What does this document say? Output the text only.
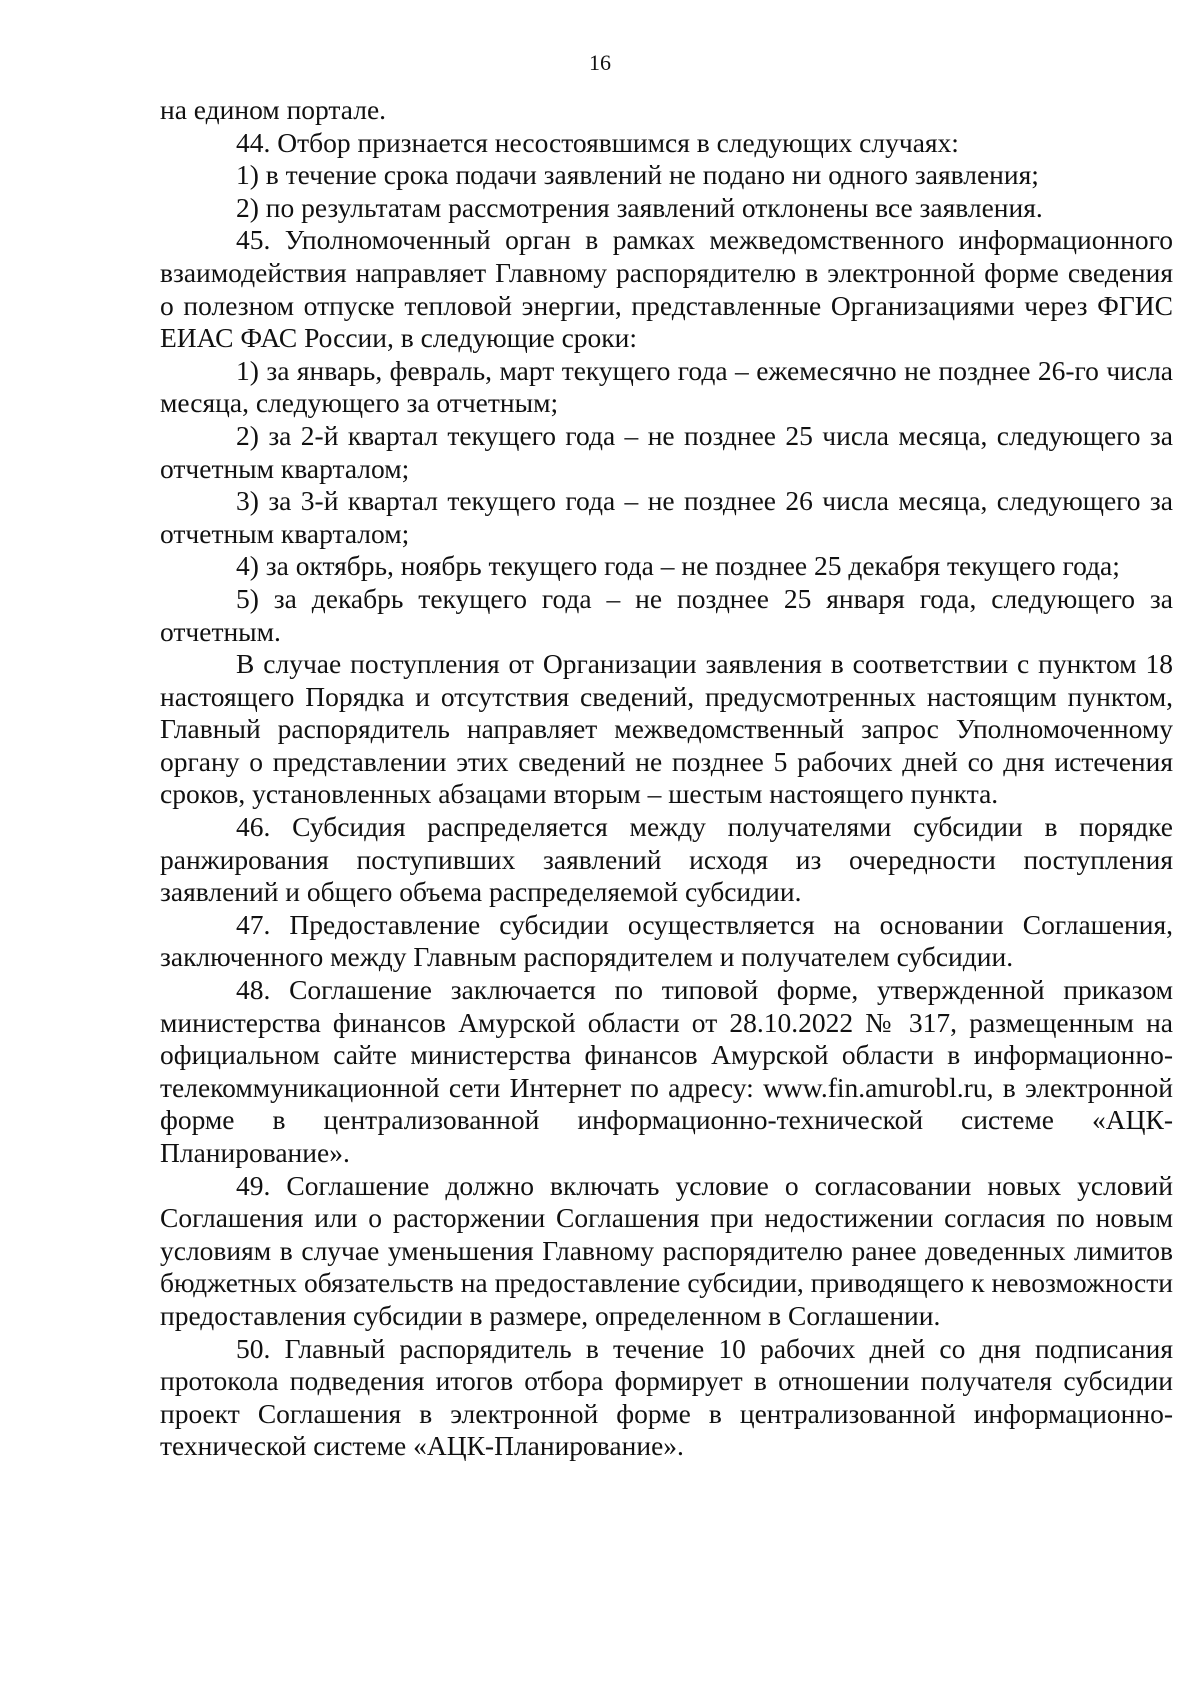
16

на едином портале.

44. Отбор признается несостоявшимся в следующих случаях:

1) в течение срока подачи заявлений не подано ни одного заявления;

2) по результатам рассмотрения заявлений отклонены все заявления.

45. Уполномоченный орган в рамках межведомственного информационного взаимодействия направляет Главному распорядителю в электронной форме сведения о полезном отпуске тепловой энергии, представленные Организациями через ФГИС ЕИАС ФАС России, в следующие сроки:

1) за январь, февраль, март текущего года – ежемесячно не позднее 26-го числа месяца, следующего за отчетным;

2) за 2-й квартал текущего года – не позднее 25 числа месяца, следующего за отчетным кварталом;

3) за 3-й квартал текущего года – не позднее 26 числа месяца, следующего за отчетным кварталом;

4) за октябрь, ноябрь текущего года – не позднее 25 декабря текущего года;

5) за декабрь текущего года – не позднее 25 января года, следующего за отчетным.

В случае поступления от Организации заявления в соответствии с пунктом 18 настоящего Порядка и отсутствия сведений, предусмотренных настоящим пунктом, Главный распорядитель направляет межведомственный запрос Уполномоченному органу о представлении этих сведений не позднее 5 рабочих дней со дня истечения сроков, установленных абзацами вторым – шестым настоящего пункта.

46. Субсидия распределяется между получателями субсидии в порядке ранжирования поступивших заявлений исходя из очередности поступления заявлений и общего объема распределяемой субсидии.

47. Предоставление субсидии осуществляется на основании Соглашения, заключенного между Главным распорядителем и получателем субсидии.

48. Соглашение заключается по типовой форме, утвержденной приказом министерства финансов Амурской области от 28.10.2022 № 317, размещенным на официальном сайте министерства финансов Амурской области в информационно-телекоммуникационной сети Интернет по адресу: www.fin.amurobl.ru, в электронной форме в централизованной информационно-технической системе «АЦК-Планирование».

49. Соглашение должно включать условие о согласовании новых условий Соглашения или о расторжении Соглашения при недостижении согласия по новым условиям в случае уменьшения Главному распорядителю ранее доведенных лимитов бюджетных обязательств на предоставление субсидии, приводящего к невозможности предоставления субсидии в размере, определенном в Соглашении.

50. Главный распорядитель в течение 10 рабочих дней со дня подписания протокола подведения итогов отбора формирует в отношении получателя субсидии проект Соглашения в электронной форме в централизованной информационно-технической системе «АЦК-Планирование».
